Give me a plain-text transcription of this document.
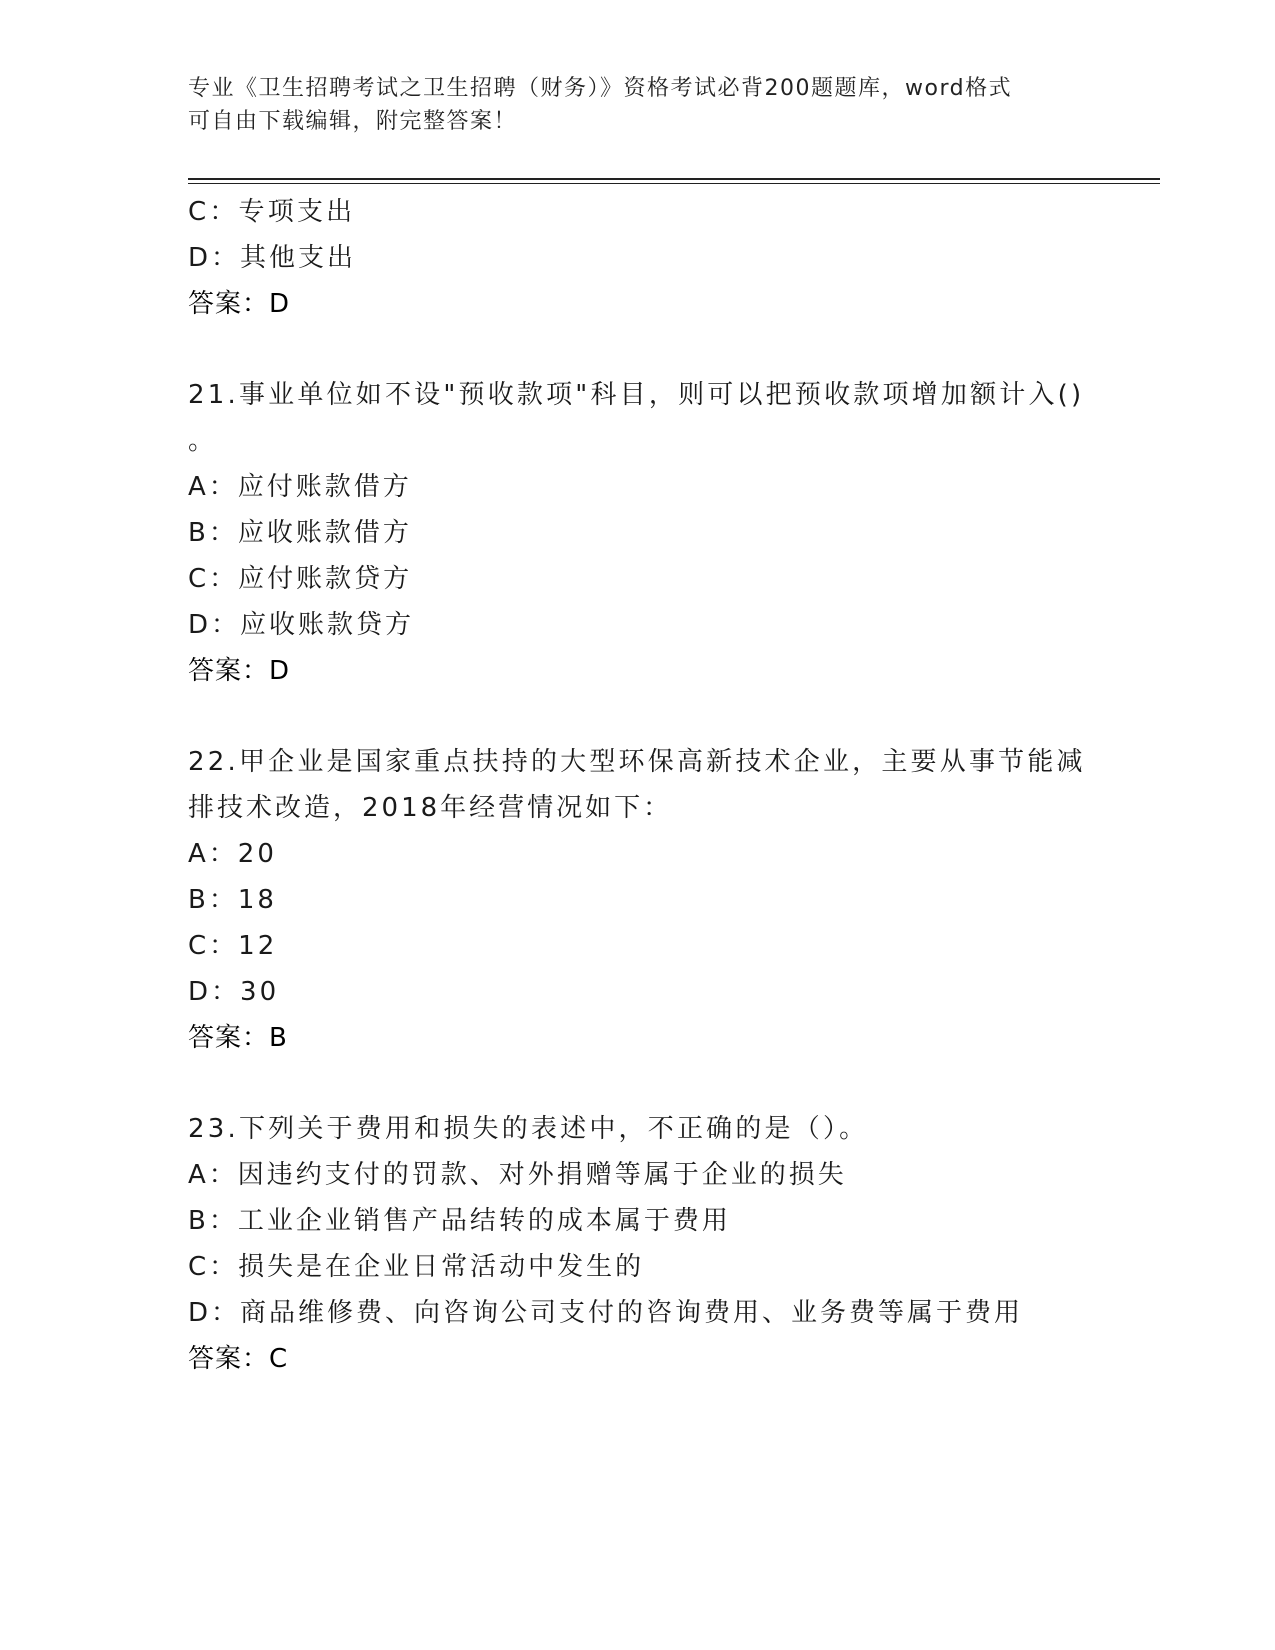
专业《卫生招聘考试之卫生招聘（财务）》资格考试必背200题题库，word格式
可自由下载编辑，附完整答案！
C：专项支出
D：其他支出
答案：D
21.事业单位如不设"预收款项"科目，则可以把预收款项增加额计入()
。
A：应付账款借方
B：应收账款借方
C：应付账款贷方
D：应收账款贷方
答案：D
22.甲企业是国家重点扶持的大型环保高新技术企业，主要从事节能减
排技术改造，2018年经营情况如下：
A：20
B：18
C：12
D：30
答案：B
23.下列关于费用和损失的表述中，不正确的是（）。
A：因违约支付的罚款、对外捐赠等属于企业的损失
B：工业企业销售产品结转的成本属于费用
C：损失是在企业日常活动中发生的
D：商品维修费、向咨询公司支付的咨询费用、业务费等属于费用
答案：C
